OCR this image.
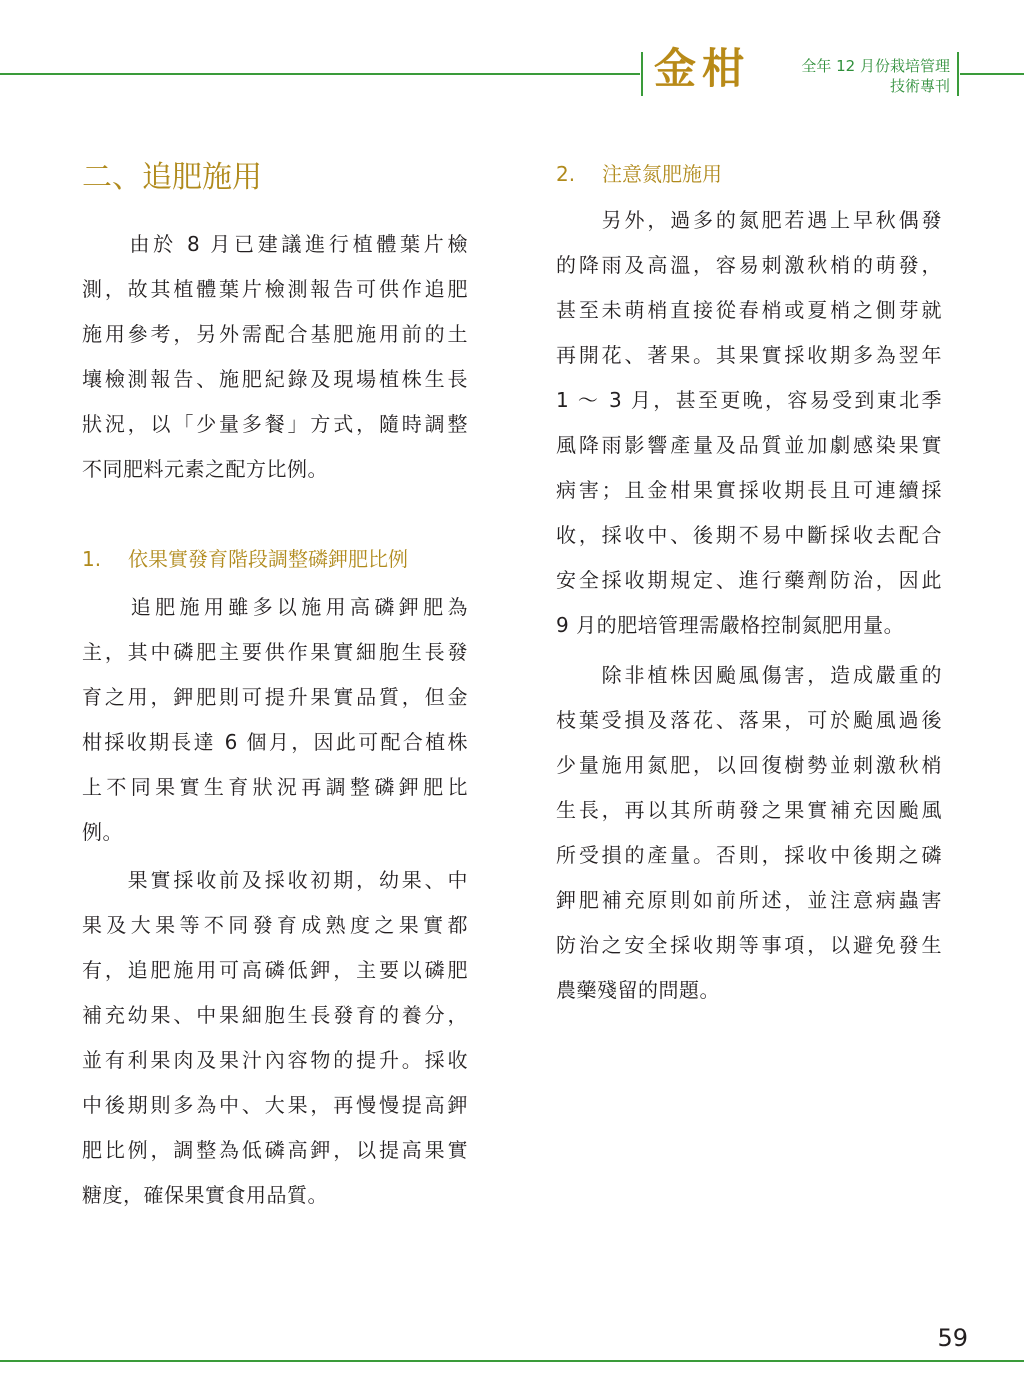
金柑	全年 12 月份栽培管理
技術專刊
二、追肥施用
　　由於 8 月已建議進行植體葉片檢
測，故其植體葉片檢測報告可供作追肥
施用參考，另外需配合基肥施用前的土
壤檢測報告、施肥紀錄及現場植株生長
狀況，以「少量多餐」方式，隨時調整
不同肥料元素之配方比例。
1. 依果實發育階段調整磷鉀肥比例
　　追肥施用雖多以施用高磷鉀肥為
主，其中磷肥主要供作果實細胞生長發
育之用，鉀肥則可提升果實品質，但金
柑採收期長達 6 個月，因此可配合植株
上不同果實生育狀況再調整磷鉀肥比
例。
　　果實採收前及採收初期，幼果、中
果及大果等不同發育成熟度之果實都
有，追肥施用可高磷低鉀，主要以磷肥
補充幼果、中果細胞生長發育的養分，
並有利果肉及果汁內容物的提升。採收
中後期則多為中、大果，再慢慢提高鉀
肥比例，調整為低磷高鉀，以提高果實
糖度，確保果實食用品質。
2. 注意氮肥施用
　　另外，過多的氮肥若遇上早秋偶發
的降雨及高溫，容易刺激秋梢的萌發，
甚至未萌梢直接從春梢或夏梢之側芽就
再開花、著果。其果實採收期多為翌年
1 ～ 3 月，甚至更晚，容易受到東北季
風降雨影響產量及品質並加劇感染果實
病害；且金柑果實採收期長且可連續採
收，採收中、後期不易中斷採收去配合
安全採收期規定、進行藥劑防治，因此
9 月的肥培管理需嚴格控制氮肥用量。
　　除非植株因颱風傷害，造成嚴重的
枝葉受損及落花、落果，可於颱風過後
少量施用氮肥，以回復樹勢並刺激秋梢
生長，再以其所萌發之果實補充因颱風
所受損的產量。否則，採收中後期之磷
鉀肥補充原則如前所述，並注意病蟲害
防治之安全採收期等事項，以避免發生
農藥殘留的問題。
59
